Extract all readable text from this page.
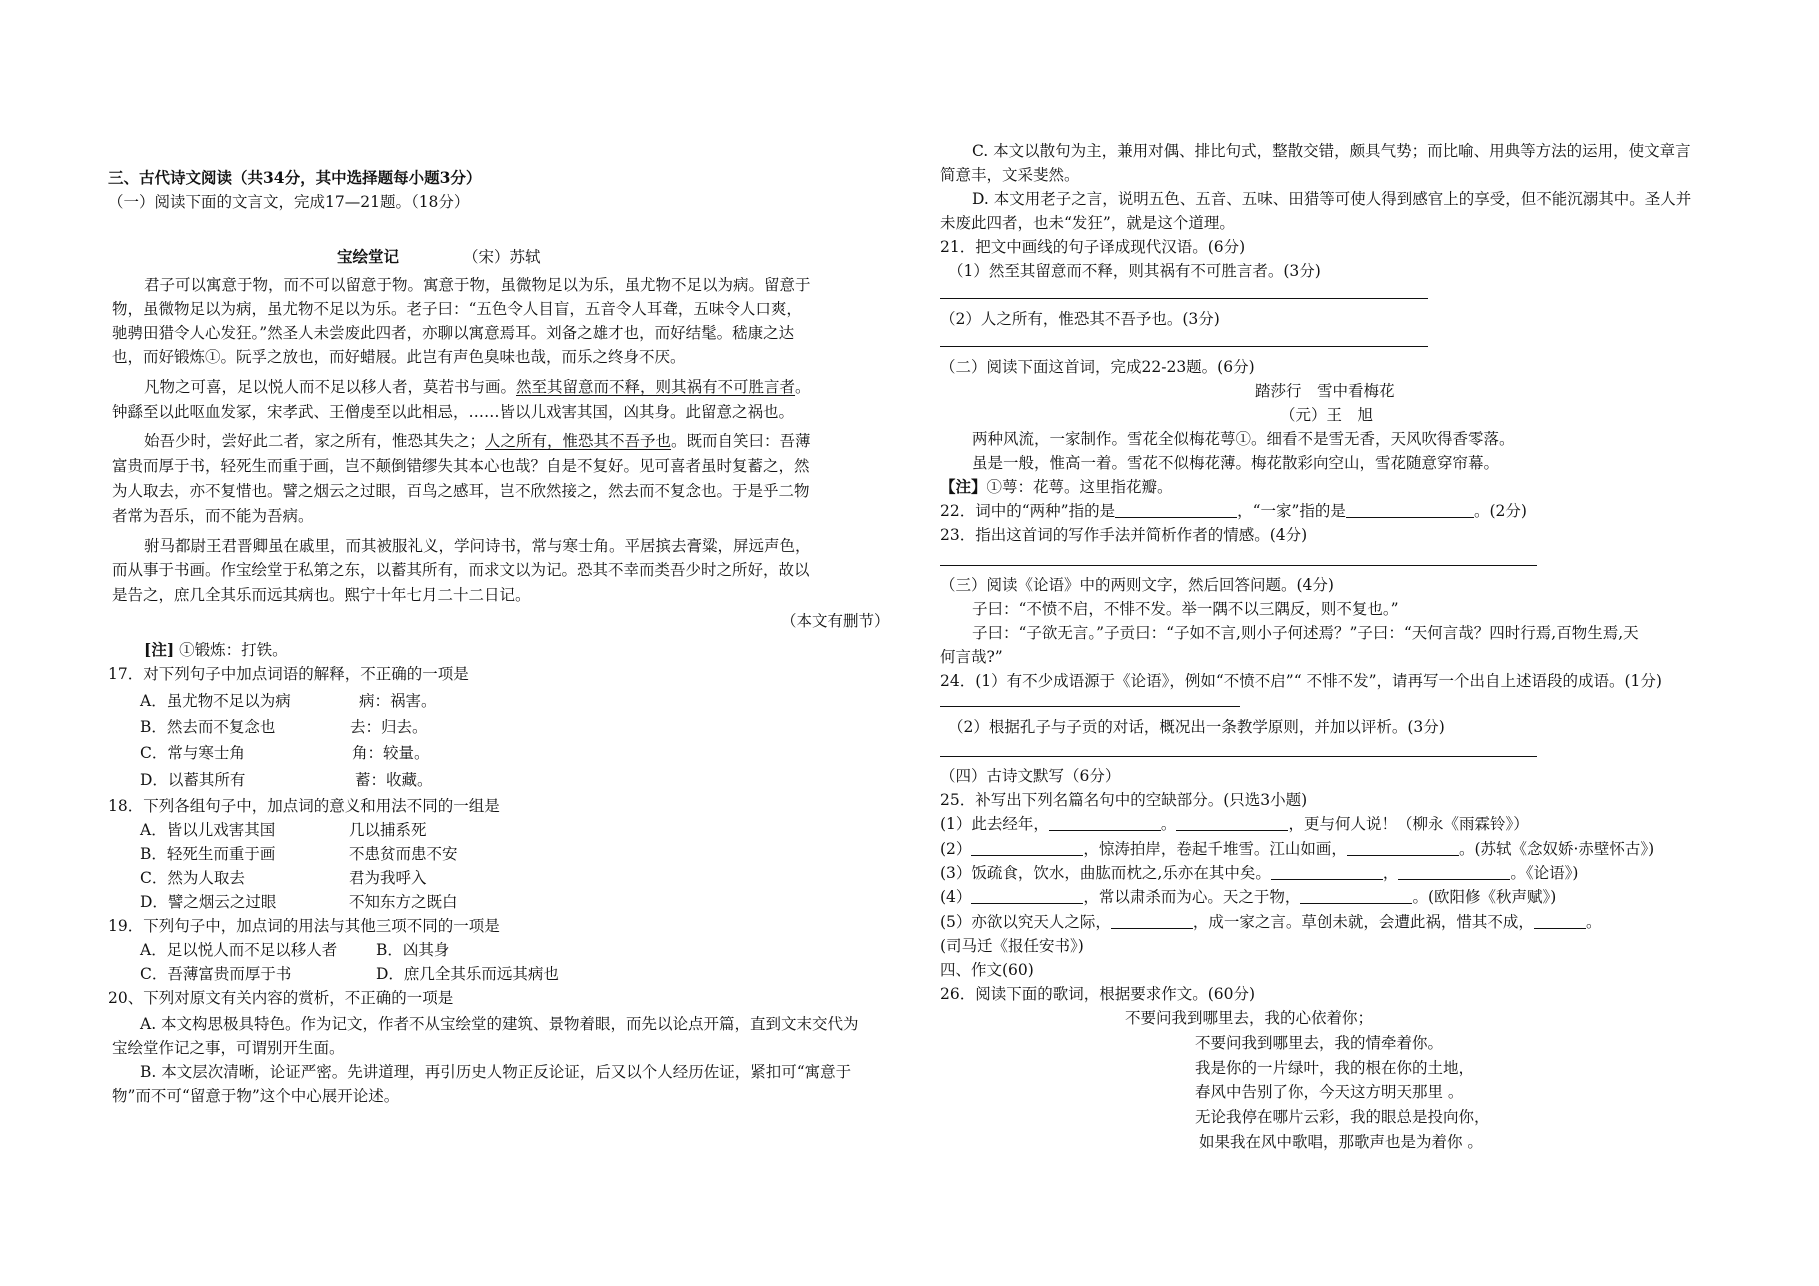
三、古代诗文阅读（共34分，其中选择题每小题3分）

（一）阅读下面的文言文，完成17—21题。（18分）

宝绘堂记	（宋）苏轼

君子可以寓意于物，而不可以留意于物。寓意于物，虽微物足以为乐，虽尤物不足以为病。留意于

物，虽微物足以为病，虽尤物不足以为乐。老子曰：“五色令人目盲，五音令人耳聋，五味令人口爽，

驰骋田猎令人心发狂。”然圣人未尝废此四者，亦聊以寓意焉耳。刘备之雄才也，而好结髦。嵇康之达

也，而好锻炼①。阮孚之放也，而好蜡屐。此岂有声色臭味也哉，而乐之终身不厌。

凡物之可喜，足以悦人而不足以移人者，莫若书与画。然至其留意而不释，则其祸有不可胜言者。

钟繇至以此呕血发冢，宋孝武、王僧虔至以此相忌，……皆以儿戏害其国，凶其身。此留意之祸也。

始吾少时，尝好此二者，家之所有，惟恐其失之；人之所有，惟恐其不吾予也。既而自笑曰：吾薄

富贵而厚于书，轻死生而重于画，岂不颠倒错缪失其本心也哉？自是不复好。见可喜者虽时复蓄之，然

为人取去，亦不复惜也。譬之烟云之过眼，百鸟之感耳，岂不欣然接之，然去而不复念也。于是乎二物

者常为吾乐，而不能为吾病。

驸马都尉王君晋卿虽在戚里，而其被服礼义，学问诗书，常与寒士角。平居摈去膏粱，屏远声色，

而从事于书画。作宝绘堂于私第之东，以蓄其所有，而求文以为记。恐其不幸而类吾少时之所好，故以

是告之，庶几全其乐而远其病也。熙宁十年七月二十二日记。

（本文有删节）

[注] ①锻炼：打铁。

17．对下列句子中加点词语的解释，不正确的一项是

A．虽尤物不足以为病	病：祸害。

B．然去而不复念也	去：归去。

C．常与寒士角	角：较量。

D．以蓄其所有	蓄：收藏。

18．下列各组句子中，加点词的意义和用法不同的一组是

A．皆以儿戏害其国	几以捕系死

B．轻死生而重于画	不患贫而患不安

C．然为人取去	君为我呼入

D．譬之烟云之过眼	不知东方之既白

19．下列句子中，加点词的用法与其他三项不同的一项是

A．足以悦人而不足以移人者	B．凶其身

C．吾薄富贵而厚于书	D．庶几全其乐而远其病也

20、下列对原文有关内容的赏析，不正确的一项是

A. 本文构思极具特色。作为记文，作者不从宝绘堂的建筑、景物着眼，而先以论点开篇，直到文末交代为

宝绘堂作记之事，可谓别开生面。

B. 本文层次清晰，论证严密。先讲道理，再引历史人物正反论证，后又以个人经历佐证，紧扣可“寓意于

物”而不可“留意于物”这个中心展开论述。

C. 本文以散句为主，兼用对偶、排比句式，整散交错，颇具气势；而比喻、用典等方法的运用，使文章言

简意丰，文采斐然。

D. 本文用老子之言，说明五色、五音、五味、田猎等可使人得到感官上的享受，但不能沉溺其中。圣人并

未废此四者，也未“发狂”，就是这个道理。

21．把文中画线的句子译成现代汉语。(6分)

（1）然至其留意而不释，则其祸有不可胜言者。(3分)

（2）人之所有，惟恐其不吾予也。(3分)

（二）阅读下面这首词，完成22-23题。(6分)

踏莎行　雪中看梅花

（元）王　旭

两种风流，一家制作。雪花全似梅花萼①。细看不是雪无香，天风吹得香零落。

虽是一般，惟高一着。雪花不似梅花薄。梅花散彩向空山，雪花随意穿帘幕。

【注】①萼：花萼。这里指花瓣。

22．词中的“两种”指的是	，“一家”指的是	。(2分)

23．指出这首词的写作手法并简析作者的情感。(4分)

（三）阅读《论语》中的两则文字，然后回答问题。(4分)

子曰：“不愤不启，不悱不发。举一隅不以三隅反，则不复也。”

子曰：“子欲无言。”子贡曰：“子如不言,则小子何述焉？”子曰：“天何言哉？四时行焉,百物生焉,天

何言哉?”

24．(1）有不少成语源于《论语》，例如“不愤不启”“ 不悱不发”，请再写一个出自上述语段的成语。(1分)

（2）根据孔子与子贡的对话，概况出一条教学原则，并加以评析。(3分)

（四）古诗文默写（6分）

25．补写出下列名篇名句中的空缺部分。(只选3小题)

(1）此去经年，	。	，更与何人说！（柳永《雨霖铃》）

(2）	，惊涛拍岸，卷起千堆雪。江山如画，	。(苏轼《念奴娇·赤壁怀古》)

(3）饭疏食，饮水，曲肱而枕之,乐亦在其中矣。	，	。《论语》)

(4）	，常以肃杀而为心。天之于物，	。(欧阳修《秋声赋》)

(5）亦欲以究天人之际，	，成一家之言。草创未就，会遭此祸，惜其不成，	。

(司马迁《报任安书》)

四、作文(60)

26．阅读下面的歌词，根据要求作文。(60分)

不要问我到哪里去，我的心依着你；

不要问我到哪里去，我的情牵着你。

我是你的一片绿叶，我的根在你的土地，

春风中告别了你，今天这方明天那里 。

无论我停在哪片云彩，我的眼总是投向你，

如果我在风中歌唱，那歌声也是为着你 。
